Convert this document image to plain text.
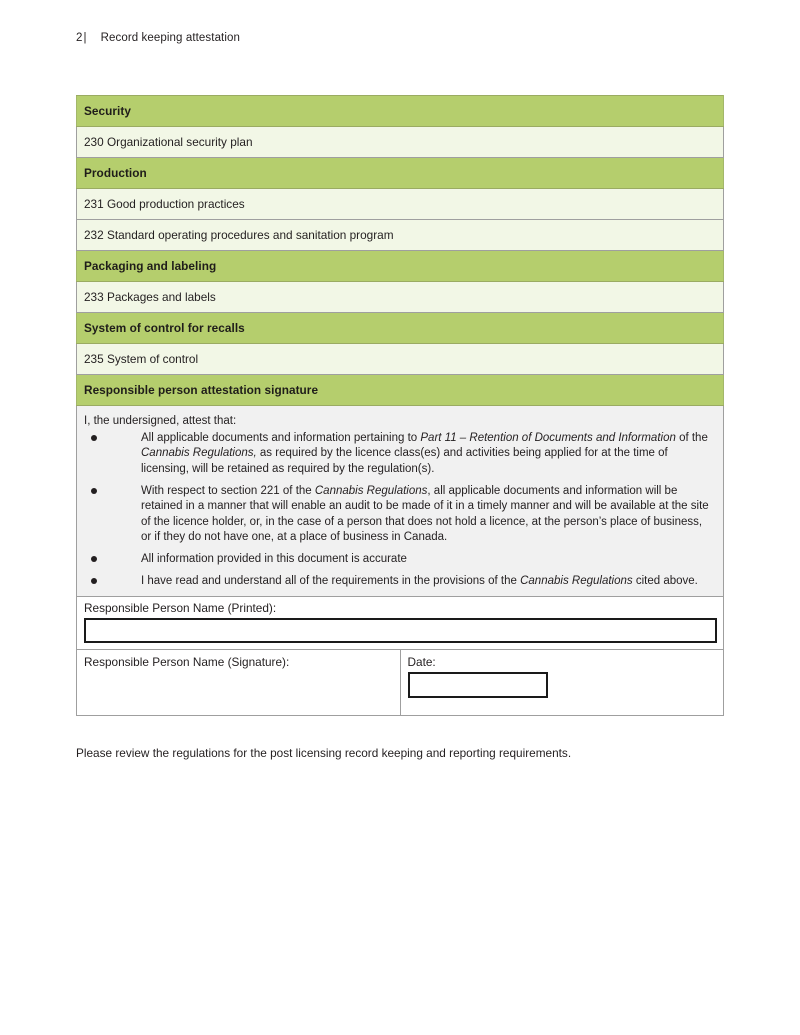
2| Record keeping attestation
Security
230 Organizational security plan
Production
231 Good production practices
232 Standard operating procedures and sanitation program
Packaging and labeling
233 Packages and labels
System of control for recalls
235 System of control
Responsible person attestation signature

I, the undersigned, attest that:

All applicable documents and information pertaining to Part 11 – Retention of Documents and Information of the Cannabis Regulations, as required by the licence class(es) and activities being applied for at the time of licensing, will be retained as required by the regulation(s).
With respect to section 221 of the Cannabis Regulations, all applicable documents and information will be retained in a manner that will enable an audit to be made of it in a timely manner and will be available at the site of the licence holder, or, in the case of a person that does not hold a licence, at the person’s place of business, or if they do not have one, at a place of business in Canada.
All information provided in this document is accurate
I have read and understand all of the requirements in the provisions of the Cannabis Regulations cited above.

Responsible Person Name (Printed):

Responsible Person Name (Signature):	Date:
Please review the regulations for the post licensing record keeping and reporting requirements.
